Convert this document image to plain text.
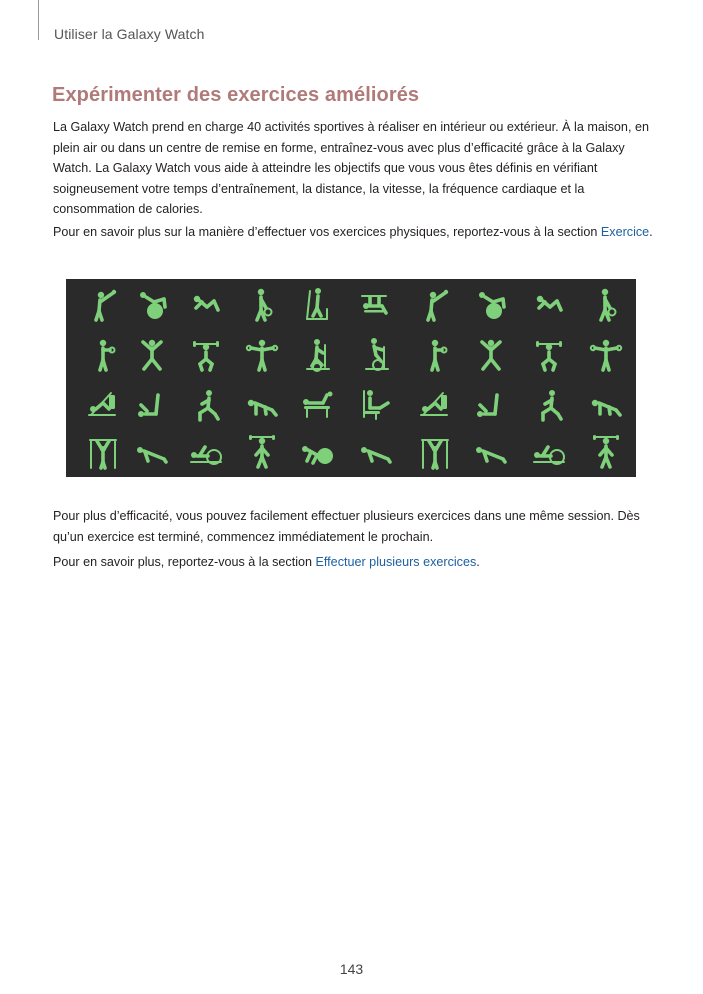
Utiliser la Galaxy Watch
Expérimenter des exercices améliorés

La Galaxy Watch prend en charge 40 activités sportives à réaliser en intérieur ou extérieur. À la maison, en plein air ou dans un centre de remise en forme, entraînez-vous avec plus d’efficacité grâce à la Galaxy Watch. La Galaxy Watch vous aide à atteindre les objectifs que vous vous êtes définis en vérifiant soigneusement votre temps d’entraînement, la distance, la vitesse, la fréquence cardiaque et la consommation de calories.

Pour en savoir plus sur la manière d’effectuer vos exercices physiques, reportez-vous à la section Exercice.

Pour plus d’efficacité, vous pouvez facilement effectuer plusieurs exercices dans une même session. Dès qu’un exercice est terminé, commencez immédiatement le prochain.

Pour en savoir plus, reportez-vous à la section Effectuer plusieurs exercices.

143
